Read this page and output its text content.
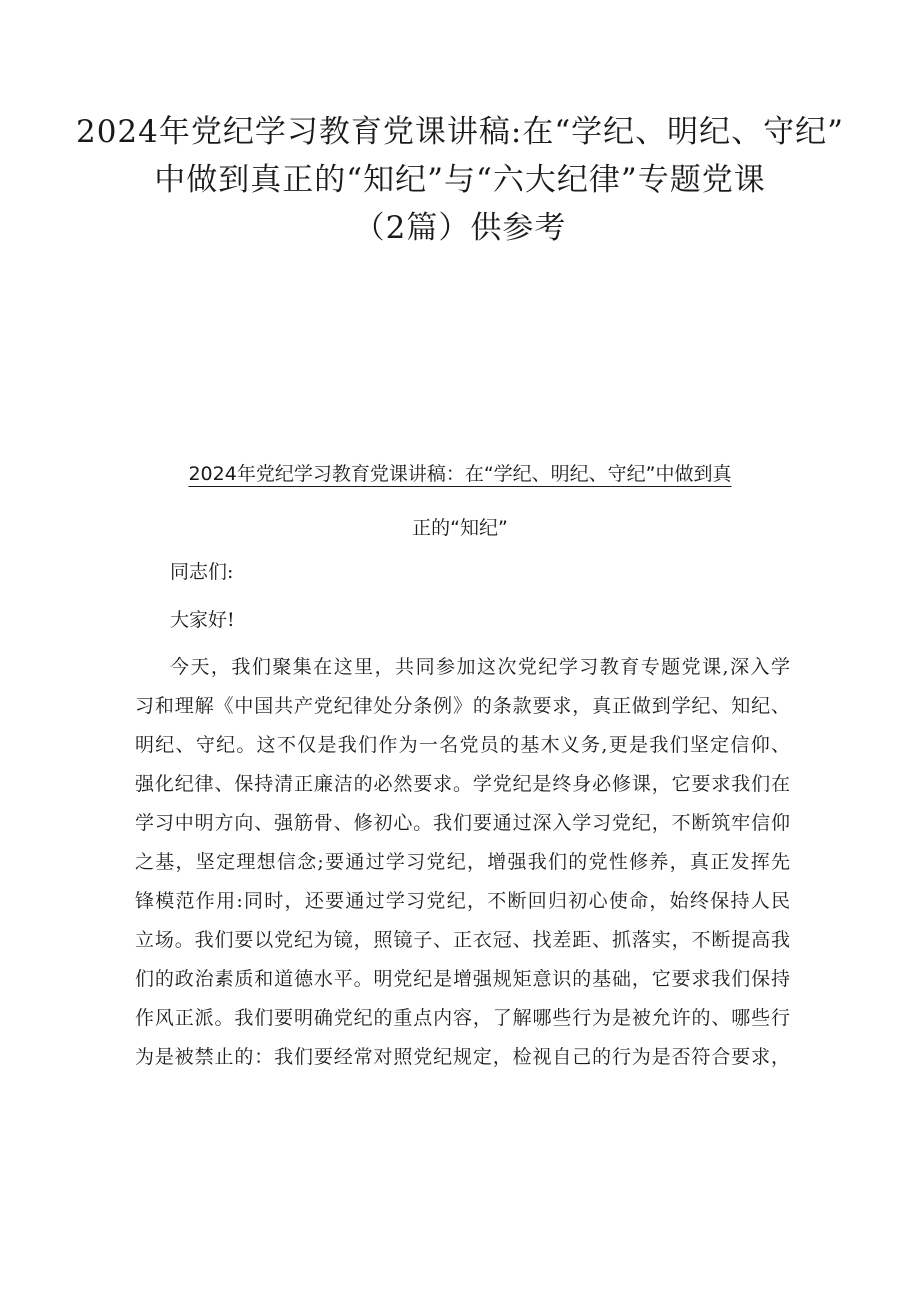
2024年党纪学习教育党课讲稿:在“学纪、明纪、守纪”
中做到真正的“知纪”与“六大纪律”专题党课
（2篇）供参考
2024年党纪学习教育党课讲稿：在“学纪、明纪、守纪”中做到真
正的“知纪”
同志们:
大家好!
今天，我们聚集在这里，共同参加这次党纪学习教育专题党课,深入学
习和理解《中国共产党纪律处分条例》的条款要求，真正做到学纪、知纪、
明纪、守纪。这不仅是我们作为一名党员的基木义务,更是我们坚定信仰、
强化纪律、保持清正廉洁的必然要求。学党纪是终身必修课，它要求我们在
学习中明方向、强筋骨、修初心。我们要通过深入学习党纪，不断筑牢信仰
之基，坚定理想信念;要通过学习党纪，增强我们的党性修养，真正发挥先
锋模范作用:同时，还要通过学习党纪，不断回归初心使命，始终保持人民
立场。我们要以党纪为镜，照镜子、正衣冠、找差距、抓落实，不断提高我
们的政治素质和道德水平。明党纪是增强规矩意识的基础，它要求我们保持
作风正派。我们要明确党纪的重点内容，了解哪些行为是被允许的、哪些行
为是被禁止的：我们要经常对照党纪规定，检视自己的行为是否符合要求，
